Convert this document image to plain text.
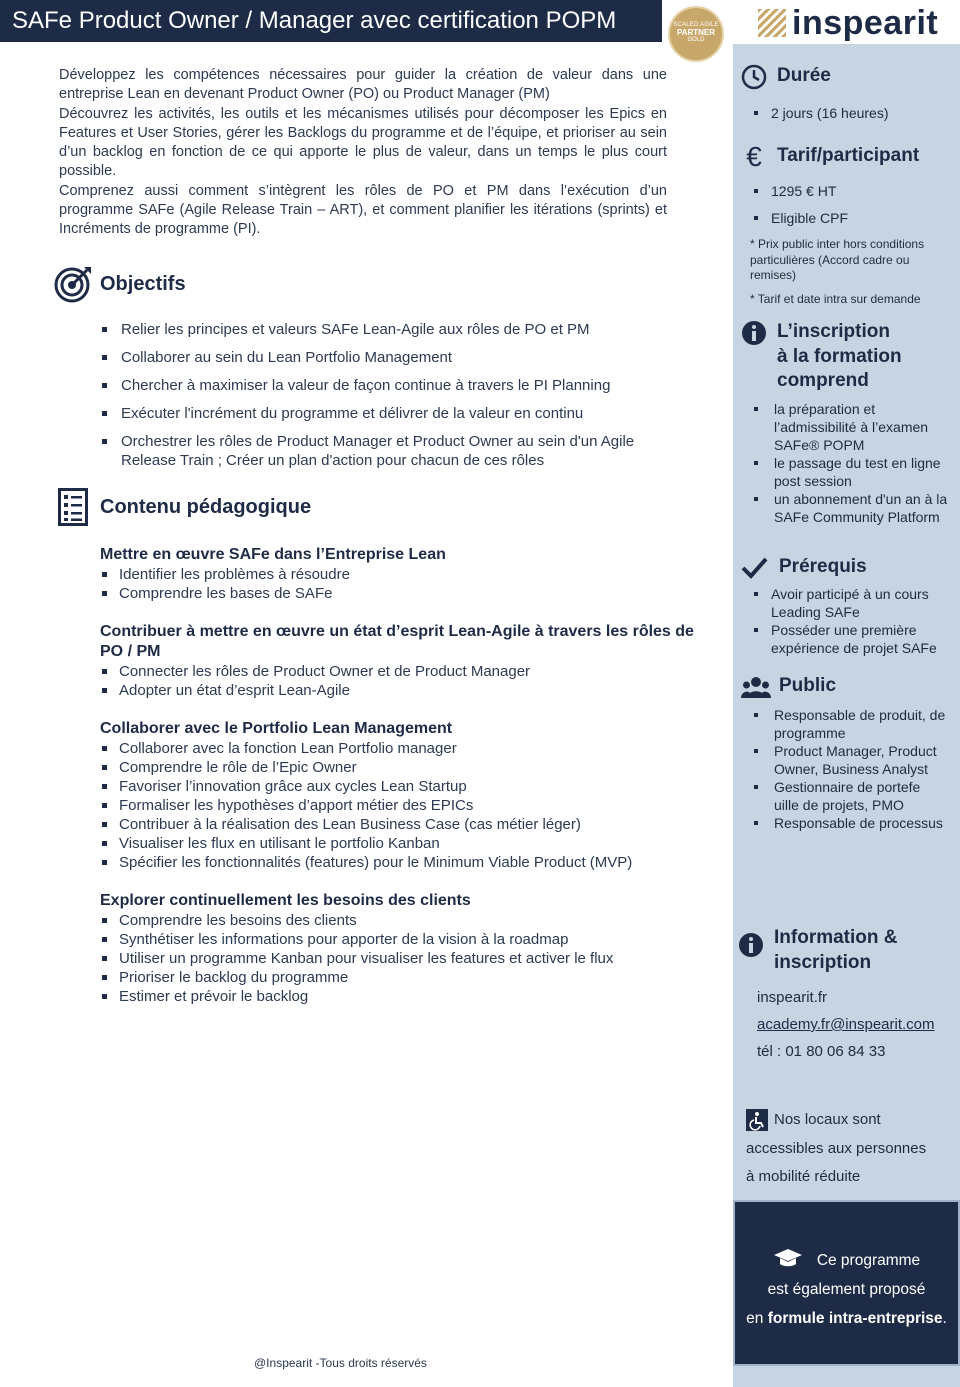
SAFe Product Owner / Manager avec certification POPM	SCALED AGILE
PARTNER
GOLD	inspearit

Développez les compétences nécessaires pour guider la création de valeur dans une entreprise Lean en devenant Product Owner (PO) ou Product Manager (PM)

Découvrez les activités, les outils et les mécanismes utilisés pour décomposer les Epics en Features et User Stories, gérer les Backlogs du programme et de l’équipe, et prioriser au sein d’un backlog en fonction de ce qui apporte le plus de valeur, dans un temps le plus court possible.

Comprenez aussi comment s’intègrent les rôles de PO et PM dans l’exécution d’un programme SAFe (Agile Release Train – ART), et comment planifier les itérations (sprints) et Incréments de programme (PI).

Objectifs
Relier les principes et valeurs SAFe Lean-Agile aux rôles de PO et PM
Collaborer au sein du Lean Portfolio Management
Chercher à maximiser la valeur de façon continue à travers le PI Planning
Exécuter l'incrément du programme et délivrer de la valeur en continu
Orchestrer les rôles de Product Manager et Product Owner au sein d'un Agile Release Train ; Créer un plan d'action pour chacun de ces rôles
Contenu pédagogique
Mettre en œuvre SAFe dans l’Entreprise Lean
Identifier les problèmes à résoudre
Comprendre les bases de SAFe
Contribuer à mettre en œuvre un état d’esprit Lean-Agile à travers les rôles de PO / PM
Connecter les rôles de Product Owner et de Product Manager
Adopter un état d’esprit Lean-Agile
Collaborer avec le Portfolio Lean Management
Collaborer avec la fonction Lean Portfolio manager
Comprendre le rôle de l’Epic Owner
Favoriser l’innovation grâce aux cycles Lean Startup
Formaliser les hypothèses d’apport métier des EPICs
Contribuer à la réalisation des Lean Business Case (cas métier léger)
Visualiser les flux en utilisant le portfolio Kanban
Spécifier les fonctionnalités (features) pour le Minimum Viable Product (MVP)
Explorer continuellement les besoins des clients
Comprendre les besoins des clients
Synthétiser les informations pour apporter de la vision à la roadmap
Utiliser un programme Kanban pour visualiser les features et activer le flux
Prioriser le backlog du programme
Estimer et prévoir le backlog
@Inspearit -Tous droits réservés
Durée
2 jours (16 heures)
€ Tarif/participant
1295 € HT
Eligible CPF
* Prix public inter hors conditions particulières (Accord cadre ou remises)
* Tarif et date intra sur demande
L’inscription
à la formation
comprend
la préparation et l’admissibilité à l’examen SAFe® POPM
le passage du test en ligne post session
un abonnement d'un an à la SAFe Community Platform
Prérequis
Avoir participé à un cours Leading SAFe
Posséder une première expérience de projet SAFe
Public
Responsable de produit, de programme
Product Manager, Product Owner, Business Analyst
Gestionnaire de portefe uille de projets, PMO
Responsable de processus
Information &
inscription
inspearit.fr
academy.fr@inspearit.com
tél : 01 80 06 84 33
Nos locaux sont
accessibles aux personnes
à mobilité réduite
Ce programme
est également proposé
en formule intra-entreprise.
